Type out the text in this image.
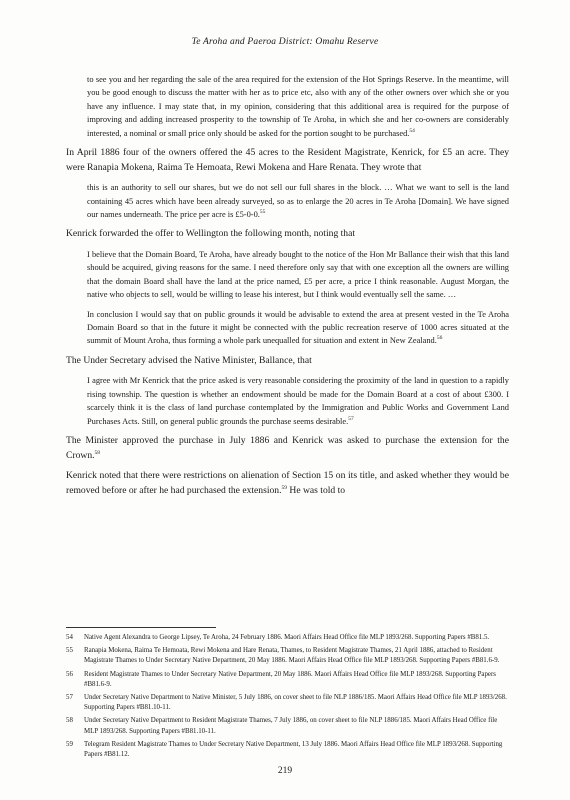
Te Aroha and Paeroa District: Omahu Reserve

to see you and her regarding the sale of the area required for the extension of the Hot Springs Reserve. In the meantime, will you be good enough to discuss the matter with her as to price etc, also with any of the other owners over which she or you have any influence. I may state that, in my opinion, considering that this additional area is required for the purpose of improving and adding increased prosperity to the township of Te Aroha, in which she and her co-owners are considerably interested, a nominal or small price only should be asked for the portion sought to be purchased.$^{54}$

In April 1886 four of the owners offered the 45 acres to the Resident Magistrate, Kenrick, for £5 an acre. They were Ranapia Mokena, Raima Te Hemoata, Rewi Mokena and Hare Renata. They wrote that

this is an authority to sell our shares, but we do not sell our full shares in the block. … What we want to sell is the land containing 45 acres which have been already surveyed, so as to enlarge the 20 acres in Te Aroha [Domain]. We have signed our names underneath. The price per acre is £5-0-0.55

Kenrick forwarded the offer to Wellington the following month, noting that

I believe that the Domain Board, Te Aroha, have already bought to the notice of the Hon Mr Ballance their wish that this land should be acquired, giving reasons for the same. I need therefore only say that with one exception all the owners are willing that the domain Board shall have the land at the price named, £5 per acre, a price I think reasonable. August Morgan, the native who objects to sell, would be willing to lease his interest, but I think would eventually sell the same. …

In conclusion I would say that on public grounds it would be advisable to extend the area at present vested in the Te Aroha Domain Board so that in the future it might be connected with the public recreation reserve of 1000 acres situated at the summit of Mount Aroha, thus forming a whole park unequalled for situation and extent in New Zealand.$^{56}$

The Under Secretary advised the Native Minister, Ballance, that

I agree with Mr Kenrick that the price asked is very reasonable considering the proximity of the land in question to a rapidly rising township. The question is whether an endowment should be made for the Domain Board at a cost of about £300. I scarcely think it is the class of land purchase contemplated by the Immigration and Public Works and Government Land Purchases Acts. Still, on general public grounds the purchase seems desirable.$^{57}$

The Minister approved the purchase in July 1886 and Kenrick was asked to purchase the extension for the Crown.$^{58}$

Kenrick noted that there were restrictions on alienation of Section 15 on its title, and asked whether they would be removed before or after he had purchased the extension.$^{59}$ He was told to

54	Native Agent Alexandra to George Lipsey, Te Aroha, 24 February 1886. Maori Affairs Head Office file MLP 1893/268. Supporting Papers #B81.5.
55	Ranapia Mokena, Raima Te Hemoata, Rewi Mokena and Hare Renata, Thames, to Resident Magistrate Thames, 21 April 1886, attached to Resident Magistrate Thames to Under Secretary Native Department, 20 May 1886. Maori Affairs Head Office file MLP 1893/268. Supporting Papers #B81.6-9.
56	Resident Magistrate Thames to Under Secretary Native Department, 20 May 1886. Maori Affairs Head Office file MLP 1893/268. Supporting Papers #B81.6-9.
57	Under Secretary Native Department to Native Minister, 5 July 1886, on cover sheet to file NLP 1886/185. Maori Affairs Head Office file MLP 1893/268. Supporting Papers #B81.10-11.
58	Under Secretary Native Department to Resident Magistrate Thames, 7 July 1886, on cover sheet to file NLP 1886/185. Maori Affairs Head Office file MLP 1893/268. Supporting Papers #B81.10-11.
59	Telegram Resident Magistrate Thames to Under Secretary Native Department, 13 July 1886. Maori Affairs Head Office file MLP 1893/268. Supporting Papers #B81.12.
219
